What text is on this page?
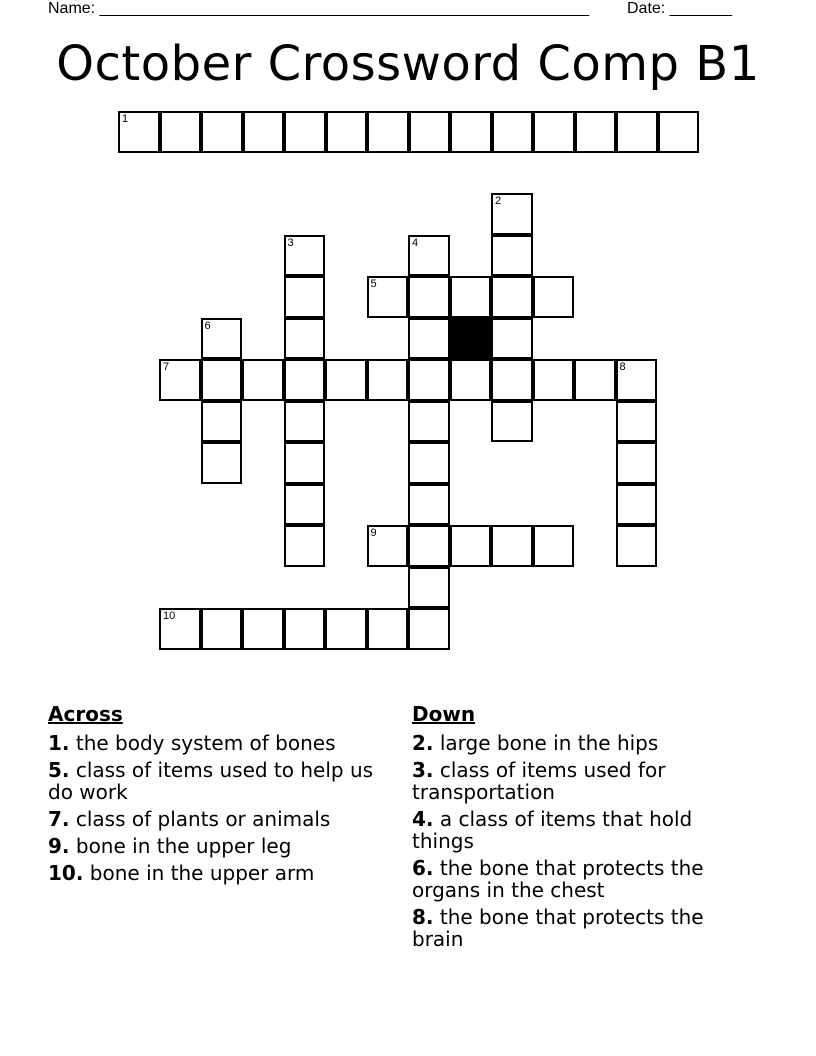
Name: _______________________________________________________ Date: _______
October Crossword Comp B1
1
2
3	4
5
6
7	8
9
10
Across
1. the body system of bones
5. class of items used to help us do work
7. class of plants or animals
9. bone in the upper leg
10. bone in the upper arm
Down
2. large bone in the hips
3. class of items used for transportation
4. a class of items that hold things
6. the bone that protects the organs in the chest
8. the bone that protects the brain
